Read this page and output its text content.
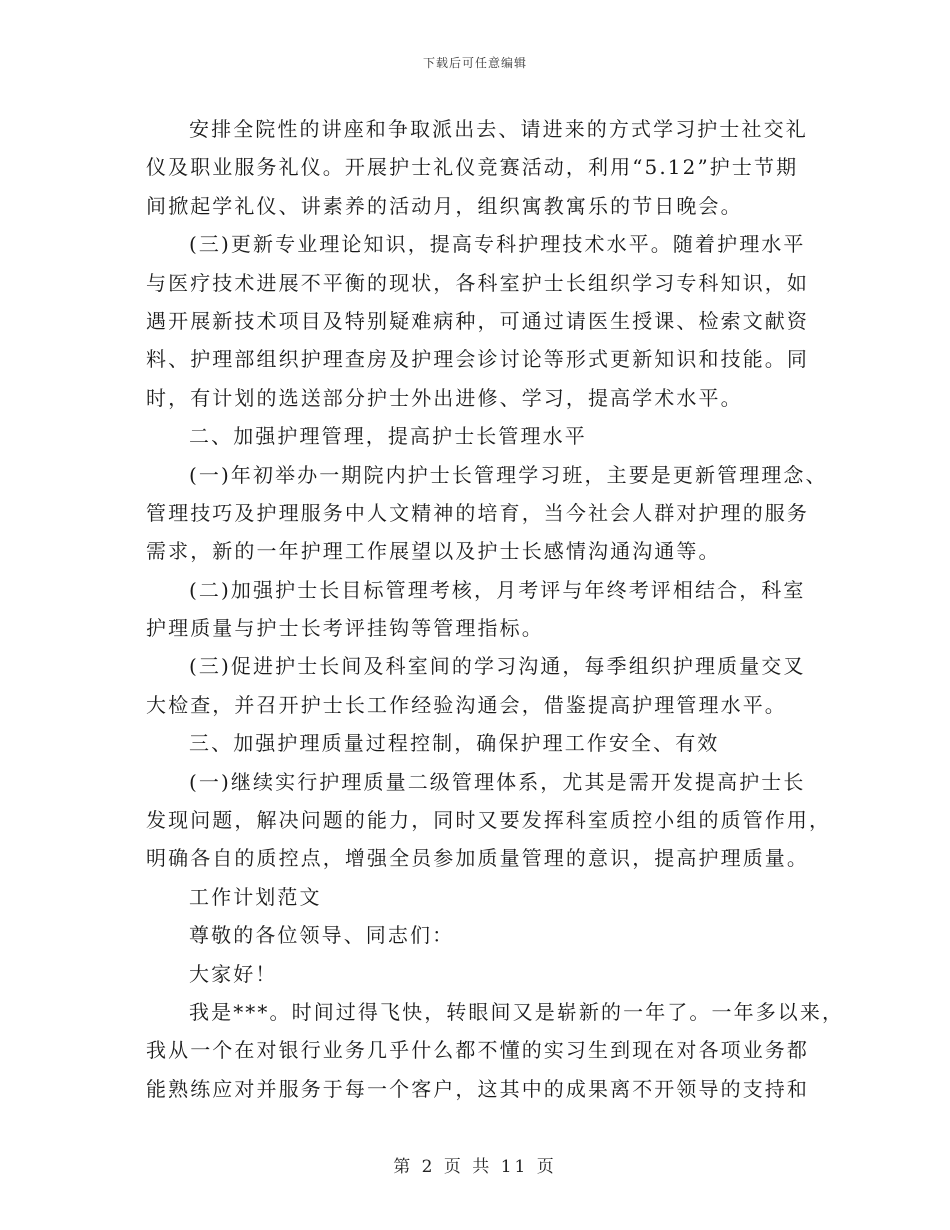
下载后可任意编辑
安排全院性的讲座和争取派出去、请进来的方式学习护士社交礼
仪及职业服务礼仪。开展护士礼仪竞赛活动，利用“5.12”护士节期
间掀起学礼仪、讲素养的活动月，组织寓教寓乐的节日晚会。
(三)更新专业理论知识，提高专科护理技术水平。随着护理水平
与医疗技术进展不平衡的现状，各科室护士长组织学习专科知识，如
遇开展新技术项目及特别疑难病种，可通过请医生授课、检索文献资
料、护理部组织护理查房及护理会诊讨论等形式更新知识和技能。同
时，有计划的选送部分护士外出进修、学习，提高学术水平。
二、加强护理管理，提高护士长管理水平
(一)年初举办一期院内护士长管理学习班，主要是更新管理理念、
管理技巧及护理服务中人文精神的培育，当今社会人群对护理的服务
需求，新的一年护理工作展望以及护士长感情沟通沟通等。
(二)加强护士长目标管理考核，月考评与年终考评相结合，科室
护理质量与护士长考评挂钩等管理指标。
(三)促进护士长间及科室间的学习沟通，每季组织护理质量交叉
大检查，并召开护士长工作经验沟通会，借鉴提高护理管理水平。
三、加强护理质量过程控制，确保护理工作安全、有效
(一)继续实行护理质量二级管理体系，尤其是需开发提高护士长
发现问题，解决问题的能力，同时又要发挥科室质控小组的质管作用，
明确各自的质控点，增强全员参加质量管理的意识，提高护理质量。
工作计划范文
尊敬的各位领导、同志们：
大家好！
我是***。时间过得飞快，转眼间又是崭新的一年了。一年多以来，
我从一个在对银行业务几乎什么都不懂的实习生到现在对各项业务都
能熟练应对并服务于每一个客户，这其中的成果离不开领导的支持和
第 2 页 共 11 页
